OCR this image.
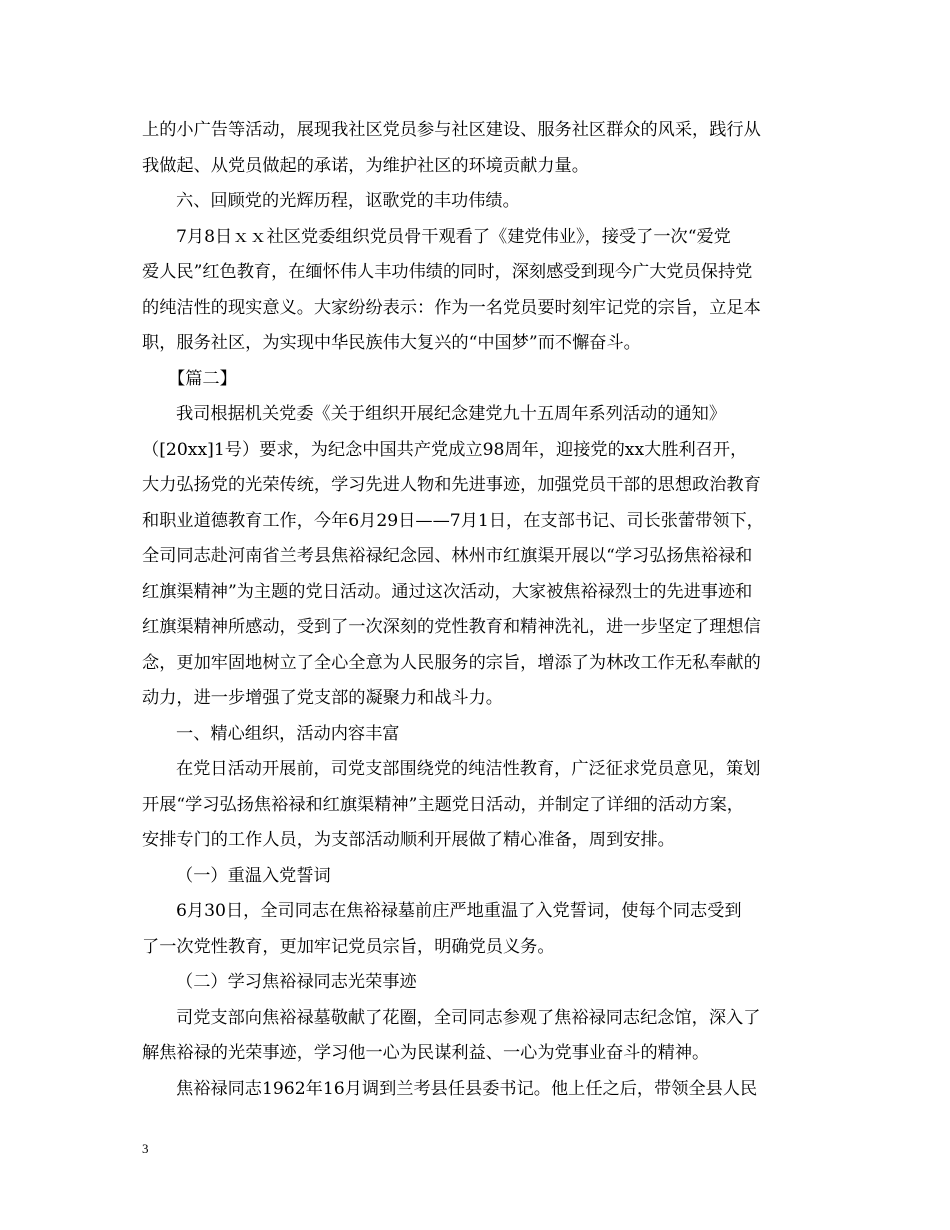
上的小广告等活动，展现我社区党员参与社区建设、服务社区群众的风采，践行从
我做起、从党员做起的承诺，为维护社区的环境贡献力量。

六、回顾党的光辉历程，讴歌党的丰功伟绩。

7月8日ｘｘ社区党委组织党员骨干观看了《建党伟业》，接受了一次“爱党
爱人民”红色教育，在缅怀伟人丰功伟绩的同时，深刻感受到现今广大党员保持党
的纯洁性的现实意义。大家纷纷表示：作为一名党员要时刻牢记党的宗旨，立足本
职，服务社区，为实现中华民族伟大复兴的“中国梦”而不懈奋斗。

【篇二】

我司根据机关党委《关于组织开展纪念建党九十五周年系列活动的通知》
（[20xx]1号）要求，为纪念中国共产党成立98周年，迎接党的xx大胜利召开，
大力弘扬党的光荣传统，学习先进人物和先进事迹，加强党员干部的思想政治教育
和职业道德教育工作，今年6月29日——7月1日，在支部书记、司长张蕾带领下，
全司同志赴河南省兰考县焦裕禄纪念园、林州市红旗渠开展以“学习弘扬焦裕禄和
红旗渠精神”为主题的党日活动。通过这次活动，大家被焦裕禄烈士的先进事迹和
红旗渠精神所感动，受到了一次深刻的党性教育和精神洗礼，进一步坚定了理想信
念，更加牢固地树立了全心全意为人民服务的宗旨，增添了为林改工作无私奉献的
动力，进一步增强了党支部的凝聚力和战斗力。

一、精心组织，活动内容丰富

在党日活动开展前，司党支部围绕党的纯洁性教育，广泛征求党员意见，策划
开展“学习弘扬焦裕禄和红旗渠精神”主题党日活动，并制定了详细的活动方案，
安排专门的工作人员，为支部活动顺利开展做了精心准备，周到安排。

（一）重温入党誓词

6月30日，全司同志在焦裕禄墓前庄严地重温了入党誓词，使每个同志受到
了一次党性教育，更加牢记党员宗旨，明确党员义务。

（二）学习焦裕禄同志光荣事迹

司党支部向焦裕禄墓敬献了花圈，全司同志参观了焦裕禄同志纪念馆，深入了
解焦裕禄的光荣事迹，学习他一心为民谋利益、一心为党事业奋斗的精神。

焦裕禄同志1962年16月调到兰考县任县委书记。他上任之后，带领全县人民

3
